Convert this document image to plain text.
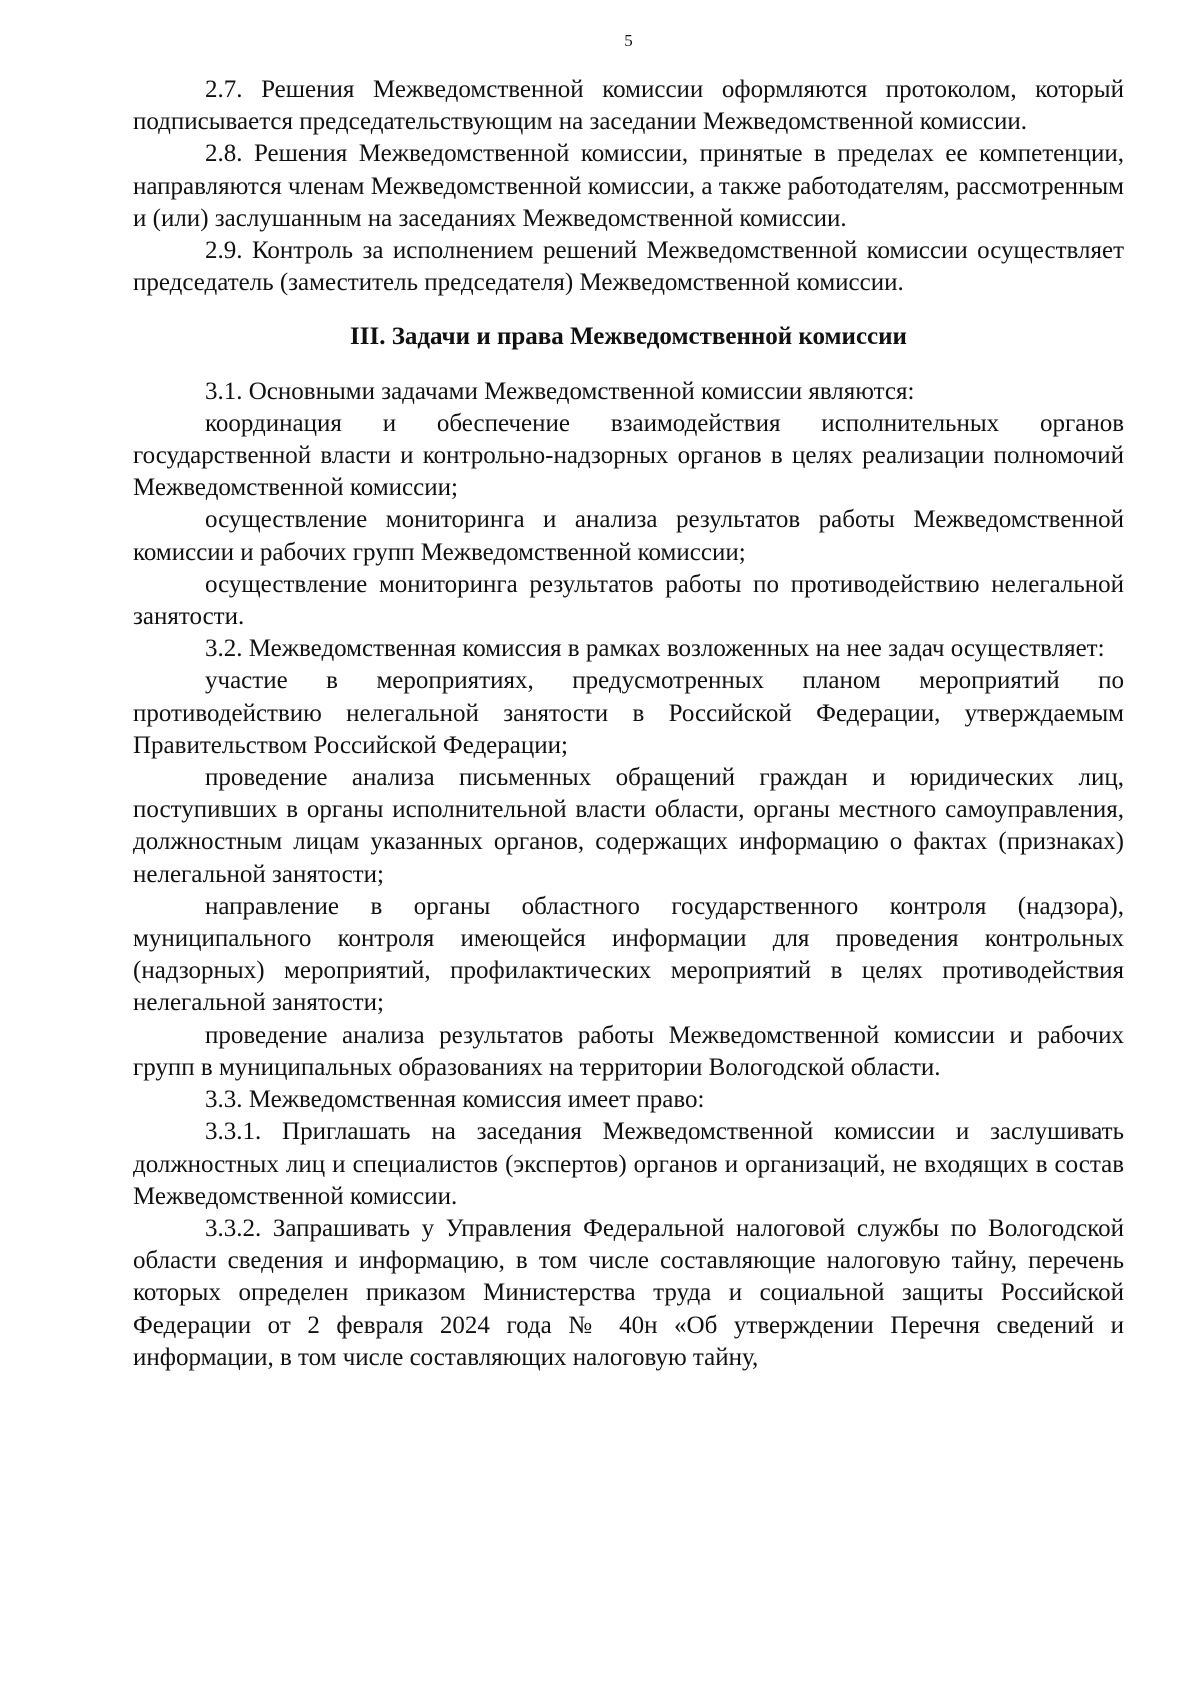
5

2.7. Решения Межведомственной комиссии оформляются протоколом, который подписывается председательствующим на заседании Межведомственной комиссии.

2.8. Решения Межведомственной комиссии, принятые в пределах ее компетенции, направляются членам Межведомственной комиссии, а также работодателям, рассмотренным и (или) заслушанным на заседаниях Межведомственной комиссии.

2.9. Контроль за исполнением решений Межведомственной комиссии осуществляет председатель (заместитель председателя) Межведомственной комиссии.

III. Задачи и права Межведомственной комиссии

3.1. Основными задачами Межведомственной комиссии являются:

координация и обеспечение взаимодействия исполнительных органов государственной власти и контрольно-надзорных органов в целях реализации полномочий Межведомственной комиссии;

осуществление мониторинга и анализа результатов работы Межведомственной комиссии и рабочих групп Межведомственной комиссии;

осуществление мониторинга результатов работы по противодействию нелегальной занятости.

3.2. Межведомственная комиссия в рамках возложенных на нее задач осуществляет:

участие в мероприятиях, предусмотренных планом мероприятий по противодействию нелегальной занятости в Российской Федерации, утверждаемым Правительством Российской Федерации;

проведение анализа письменных обращений граждан и юридических лиц, поступивших в органы исполнительной власти области, органы местного самоуправления, должностным лицам указанных органов, содержащих информацию о фактах (признаках) нелегальной занятости;

направление в органы областного государственного контроля (надзора), муниципального контроля имеющейся информации для проведения контрольных (надзорных) мероприятий, профилактических мероприятий в целях противодействия нелегальной занятости;

проведение анализа результатов работы Межведомственной комиссии и рабочих групп в муниципальных образованиях на территории Вологодской области.

3.3. Межведомственная комиссия имеет право:

3.3.1. Приглашать на заседания Межведомственной комиссии и заслушивать должностных лиц и специалистов (экспертов) органов и организаций, не входящих в состав Межведомственной комиссии.

3.3.2. Запрашивать у Управления Федеральной налоговой службы по Вологодской области сведения и информацию, в том числе составляющие налоговую тайну, перечень которых определен приказом Министерства труда и социальной защиты Российской Федерации от 2 февраля 2024 года № 40н «Об утверждении Перечня сведений и информации, в том числе составляющих налоговую тайну,
